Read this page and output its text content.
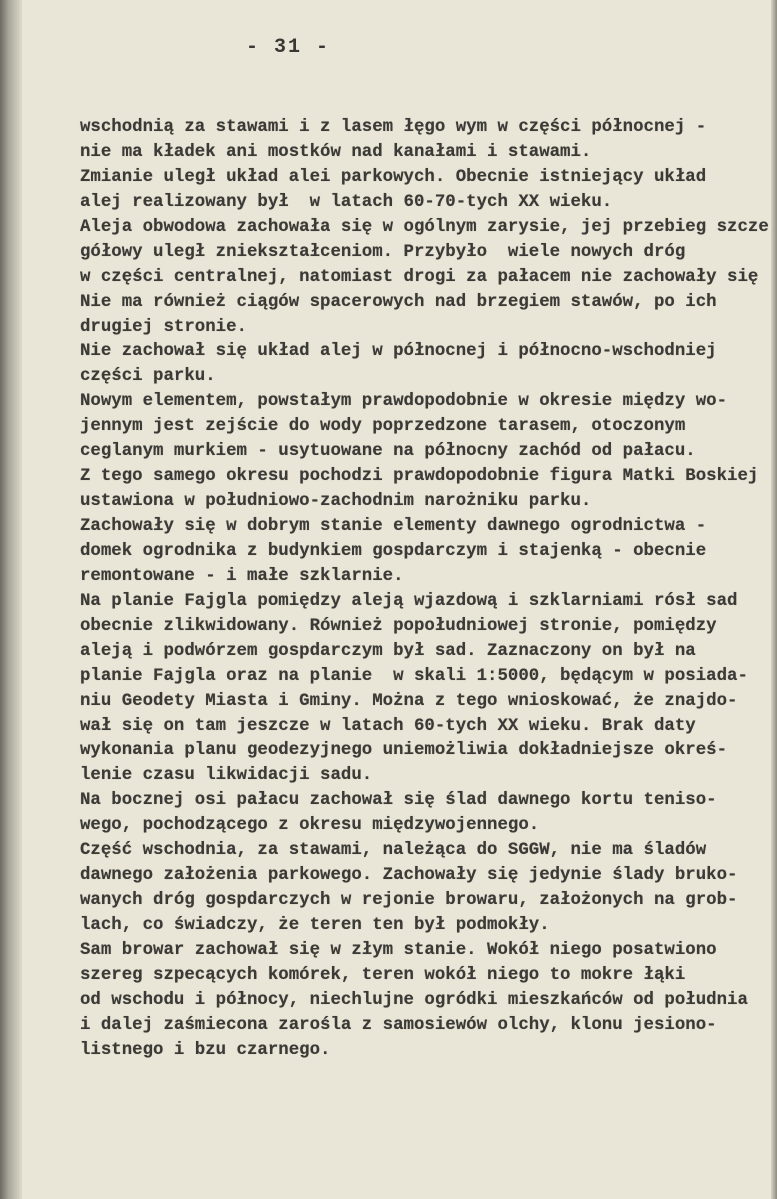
- 31 -
wschodnią za stawami i z lasem łęgo wym w części północnej -
nie ma kładek ani mostków nad kanałami i stawami.
Zmianie uległ układ alei parkowych. Obecnie istniejący układ
alej realizowany był  w latach 60-70-tych XX wieku.
Aleja obwodowa zachowała się w ogólnym zarysie, jej przebieg szcze
gółowy uległ zniekształceniom. Przybyło  wiele nowych dróg
w części centralnej, natomiast drogi za pałacem nie zachowały się
Nie ma również ciągów spacerowych nad brzegiem stawów, po ich
drugiej stronie.
Nie zachował się układ alej w północnej i północno-wschodniej
części parku.
Nowym elementem, powstałym prawdopodobnie w okresie między wo-
jennym jest zejście do wody poprzedzone tarasem, otoczonym
ceglanym murkiem - usytuowane na północny zachód od pałacu.
Z tego samego okresu pochodzi prawdopodobnie figura Matki Boskiej
ustawiona w południowo-zachodnim narożniku parku.
Zachowały się w dobrym stanie elementy dawnego ogrodnictwa -
domek ogrodnika z budynkiem gospdarczym i stajenką - obecnie
remontowane - i małe szklarnie.
Na planie Fajgla pomiędzy aleją wjazdową i szklarniami rósł sad
obecnie zlikwidowany. Również popołudniowej stronie, pomiędzy
aleją i podwórzem gospdarczym był sad. Zaznaczony on był na
planie Fajgla oraz na planie  w skali 1:5000, będącym w posiada-
niu Geodety Miasta i Gminy. Można z tego wnioskować, że znajdo-
wał się on tam jeszcze w latach 60-tych XX wieku. Brak daty
wykonania planu geodezyjnego uniemożliwia dokładniejsze okreś-
lenie czasu likwidacji sadu.
Na bocznej osi pałacu zachował się ślad dawnego kortu teniso-
wego, pochodzącego z okresu międzywojennego.
Część wschodnia, za stawami, należąca do SGGW, nie ma śladów
dawnego założenia parkowego. Zachowały się jedynie ślady bruko-
wanych dróg gospdarczych w rejonie browaru, założonych na grob-
lach, co świadczy, że teren ten był podmokły.
Sam browar zachował się w złym stanie. Wokół niego posatwiono
szereg szpecących komórek, teren wokół niego to mokre łąki
od wschodu i północy, niechlujne ogródki mieszkańców od południa
i dalej zaśmiecona zarośla z samosiewów olchy, klonu jesiono-
listnego i bzu czarnego.
